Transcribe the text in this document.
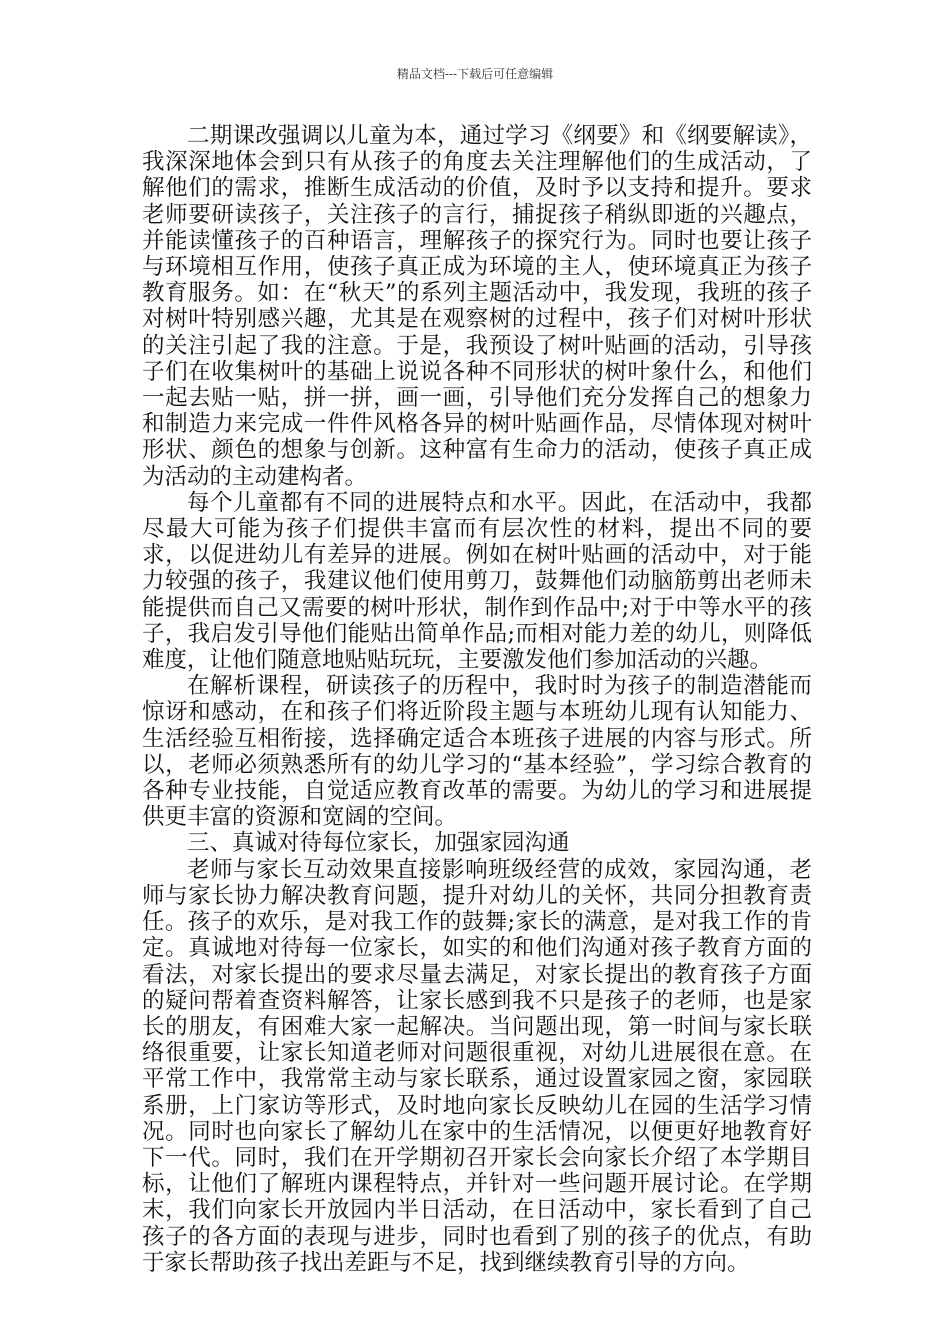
精品文档---下载后可任意编辑

二期课改强调以儿童为本，通过学习《纲要》和《纲要解读》，我深深地体会到只有从孩子的角度去关注理解他们的生成活动，了解他们的需求，推断生成活动的价值，及时予以支持和提升。要求老师要研读孩子，关注孩子的言行，捕捉孩子稍纵即逝的兴趣点，并能读懂孩子的百种语言，理解孩子的探究行为。同时也要让孩子与环境相互作用，使孩子真正成为环境的主人，使环境真正为孩子教育服务。如：在“秋天”的系列主题活动中，我发现，我班的孩子对树叶特别感兴趣，尤其是在观察树的过程中，孩子们对树叶形状的关注引起了我的注意。于是，我预设了树叶贴画的活动，引导孩子们在收集树叶的基础上说说各种不同形状的树叶象什么，和他们一起去贴一贴，拼一拼，画一画，引导他们充分发挥自己的想象力和制造力来完成一件件风格各异的树叶贴画作品，尽情体现对树叶形状、颜色的想象与创新。这种富有生命力的活动，使孩子真正成为活动的主动建构者。

每个儿童都有不同的进展特点和水平。因此，在活动中，我都尽最大可能为孩子们提供丰富而有层次性的材料，提出不同的要求，以促进幼儿有差异的进展。例如在树叶贴画的活动中，对于能力较强的孩子，我建议他们使用剪刀，鼓舞他们动脑筋剪出老师未能提供而自己又需要的树叶形状，制作到作品中;对于中等水平的孩子，我启发引导他们能贴出简单作品;而相对能力差的幼儿，则降低难度，让他们随意地贴贴玩玩，主要激发他们参加活动的兴趣。

在解析课程，研读孩子的历程中，我时时为孩子的制造潜能而惊讶和感动，在和孩子们将近阶段主题与本班幼儿现有认知能力、生活经验互相衔接，选择确定适合本班孩子进展的内容与形式。所以，老师必须熟悉所有的幼儿学习的“基本经验”，学习综合教育的各种专业技能，自觉适应教育改革的需要。为幼儿的学习和进展提供更丰富的资源和宽阔的空间。

三、真诚对待每位家长，加强家园沟通

老师与家长互动效果直接影响班级经营的成效，家园沟通，老师与家长协力解决教育问题，提升对幼儿的关怀，共同分担教育责任。孩子的欢乐，是对我工作的鼓舞;家长的满意，是对我工作的肯定。真诚地对待每一位家长，如实的和他们沟通对孩子教育方面的看法，对家长提出的要求尽量去满足，对家长提出的教育孩子方面的疑问帮着查资料解答，让家长感到我不只是孩子的老师，也是家长的朋友，有困难大家一起解决。当问题出现，第一时间与家长联络很重要，让家长知道老师对问题很重视，对幼儿进展很在意。在平常工作中，我常常主动与家长联系，通过设置家园之窗，家园联系册，上门家访等形式，及时地向家长反映幼儿在园的生活学习情况。同时也向家长了解幼儿在家中的生活情况，以便更好地教育好下一代。同时，我们在开学期初召开家长会向家长介绍了本学期目标，让他们了解班内课程特点，并针对一些问题开展讨论。在学期末，我们向家长开放园内半日活动，在日活动中，家长看到了自己孩子的各方面的表现与进步，同时也看到了别的孩子的优点，有助于家长帮助孩子找出差距与不足，找到继续教育引导的方向。
